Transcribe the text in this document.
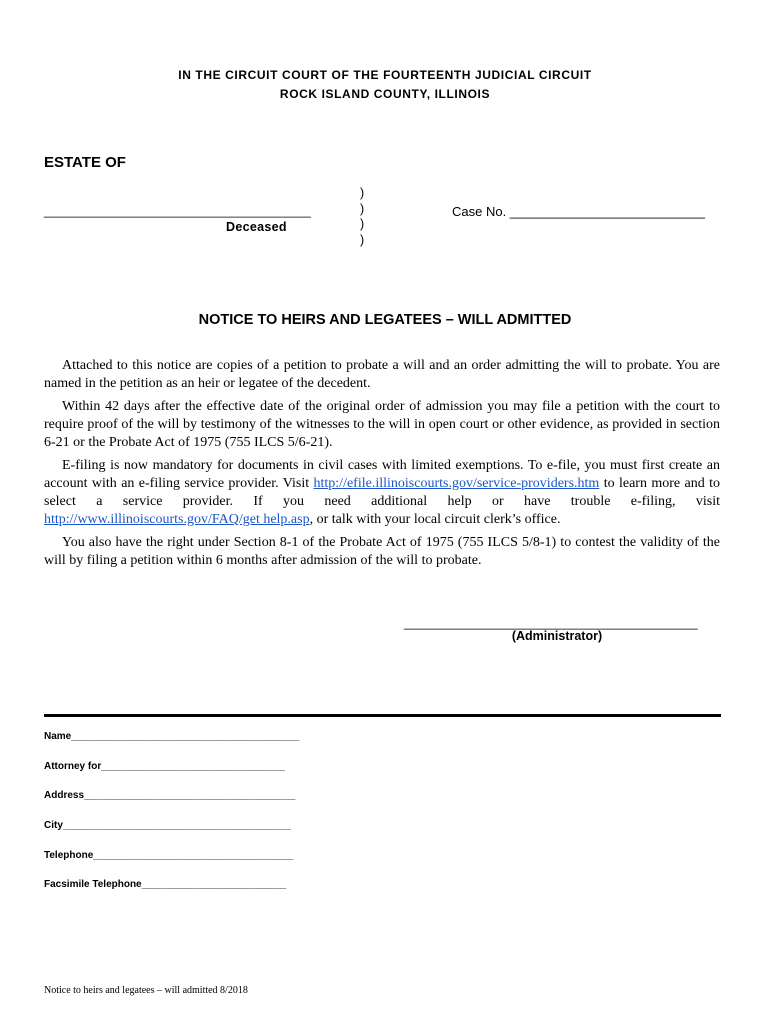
IN THE CIRCUIT COURT OF THE FOURTEENTH JUDICIAL CIRCUIT
ROCK ISLAND COUNTY, ILLINOIS
ESTATE OF
________________________________________
Deceased
)
)
)
)
Case No. ___________________________
NOTICE TO HEIRS AND LEGATEES – WILL ADMITTED

Attached to this notice are copies of a petition to probate a will and an order admitting the will to probate. You are named in the petition as an heir or legatee of the decedent.

Within 42 days after the effective date of the original order of admission you may file a petition with the court to require proof of the will by testimony of the witnesses to the will in open court or other evidence, as provided in section 6-21 or the Probate Act of 1975 (755 ILCS 5/6-21).

E-filing is now mandatory for documents in civil cases with limited exemptions. To e-file, you must first create an account with an e-filing service provider. Visit http://efile.illinoiscourts.gov/service-providers.htm to learn more and to select a service provider. If you need additional help or have trouble e-filing, visit http://www.illinoiscourts.gov/FAQ/get help.asp, or talk with your local circuit clerk’s office.

You also have the right under Section 8-1 of the Probate Act of 1975 (755 ILCS 5/8-1) to contest the validity of the will by filing a petition within 6 months after admission of the will to probate.

____________________________________________
(Administrator)
Name_________________________________________
Attorney for_________________________________
Address______________________________________
City_________________________________________
Telephone____________________________________
Facsimile Telephone__________________________
Notice to heirs and legatees – will admitted 8/2018
